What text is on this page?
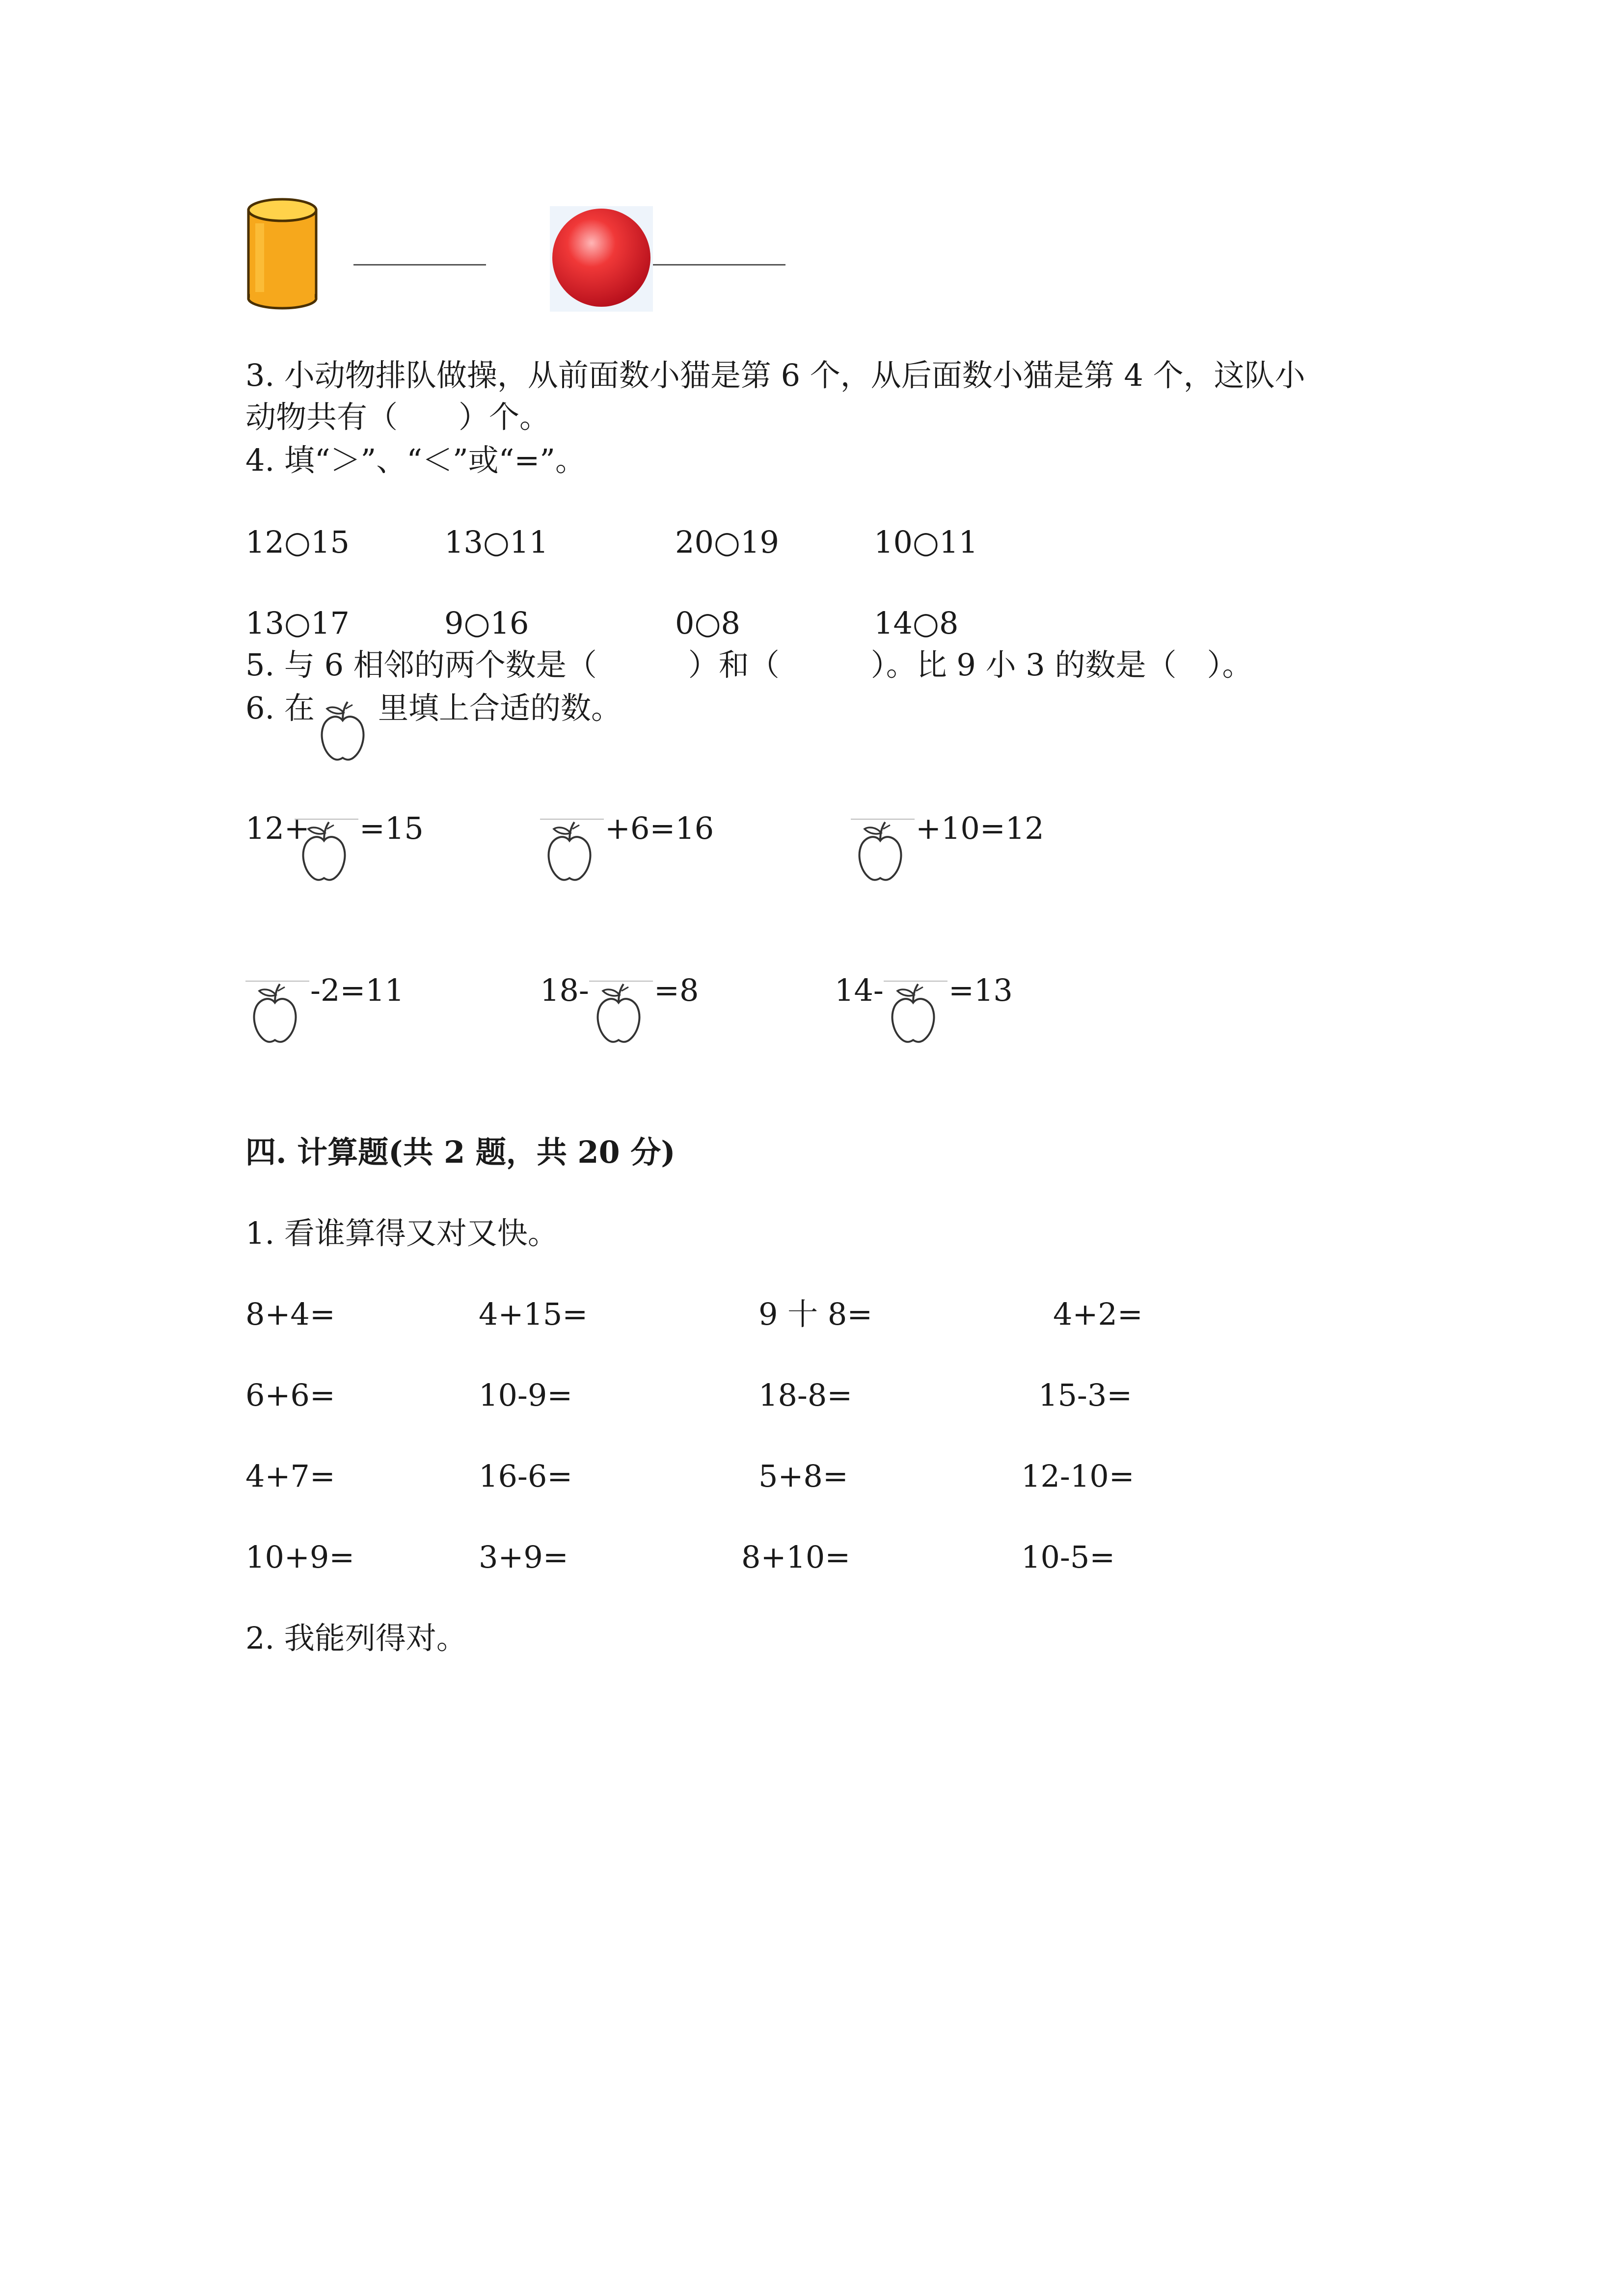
3. 小动物排队做操，从前面数小猫是第 6 个，从后面数小猫是第 4 个，这队小
动物共有（　　）个。
4. 填“＞”、“＜”或“=”。
12○15	13○11	20○19	10○11
13○17	9○16	0○8	14○8
5. 与 6 相邻的两个数是（　　　）和（　　　）。比 9 小 3 的数是（　）。
6. 在 里填上合适的数。
12+ =15	+6=16	+10=12
-2=11	18- =8	14- =13
四. 计算题(共 2 题，共 20 分)
1. 看谁算得又对又快。
8+4=	4+15=	9 十 8=	4+2=
6+6=	10-9=	18-8=	15-3=
4+7=	16-6=	5+8=	12-10=
10+9=	3+9=	8+10=	10-5=
2. 我能列得对。
